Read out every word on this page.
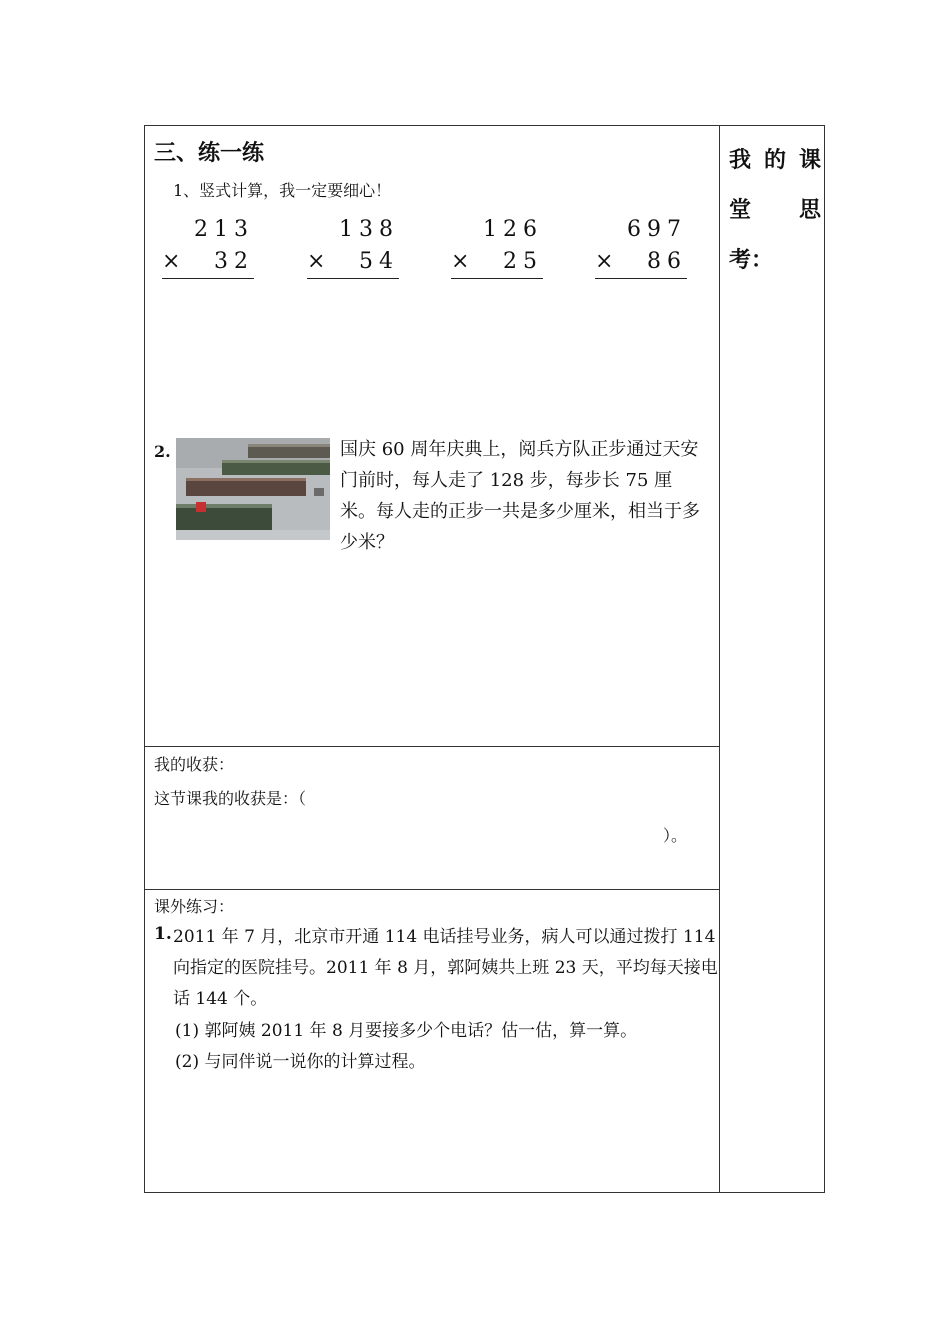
我 的 课
堂 思
考：
三、练一练
1、竖式计算，我一定要细心！
213
× 32
138
× 54
126
× 25
697
× 86
2.	国庆 60 周年庆典上，阅兵方队正步通过天安门前时，每人走了 128 步，每步长 75 厘米。每人走的正步一共是多少厘米，相当于多少米？
我的收获：
这节课我的收获是：（
）。
课外练习：
1. 2011 年 7 月，北京市开通 114 电话挂号业务，病人可以通过拨打 114 向指定的医院挂号。2011 年 8 月，郭阿姨共上班 23 天，平均每天接电话 144 个。
(1) 郭阿姨 2011 年 8 月要接多少个电话？估一估，算一算。
(2) 与同伴说一说你的计算过程。
